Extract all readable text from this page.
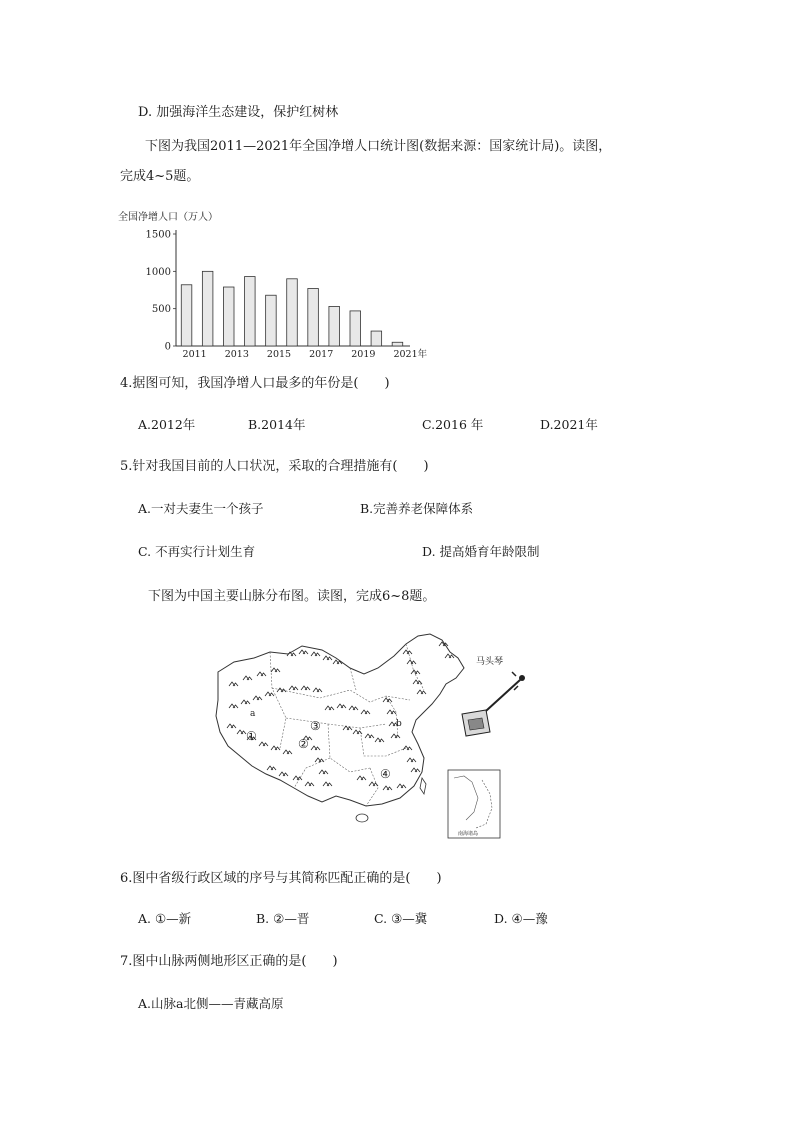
D. 加强海洋生态建设，保护红树林
下图为我国2011—2021年全国净增人口统计图(数据来源：国家统计局)。读图，
完成4~5题。
全国净增人口（万人）
0
500
1000
1500
2011 2013 2015 2017 2019 2021年
4.据图可知，我国净增人口最多的年份是(　　)
A.2012年	B.2014年	C.2016 年	D.2021年
5.针对我国目前的人口状况，采取的合理措施有(　　)
A.一对夫妻生一个孩子	B.完善养老保障体系
C. 不再实行计划生育	D. 提高婚育年龄限制
下图为中国主要山脉分布图。读图，完成6~8题。
①
②
③
④
a
b
南海诸岛
马头琴
6.图中省级行政区域的序号与其简称匹配正确的是(　　)
A. ①—新	B. ②—晋	C. ③—冀	D. ④—豫
7.图中山脉两侧地形区正确的是(　　)
A.山脉a北侧——青藏高原
